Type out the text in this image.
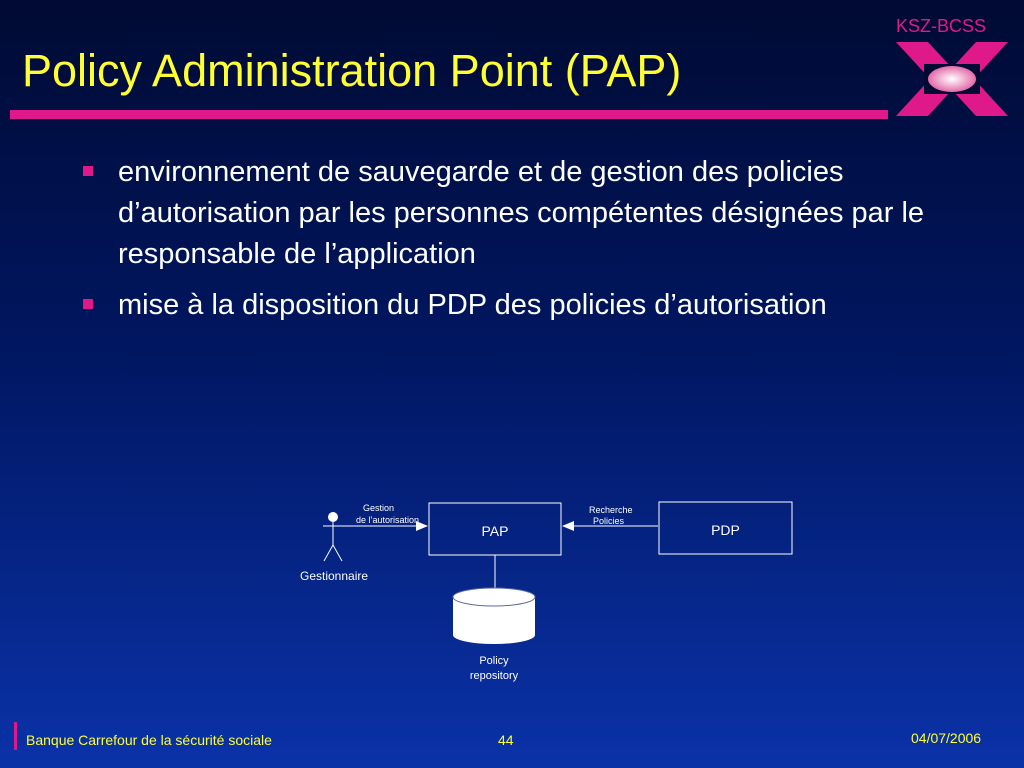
Policy Administration Point (PAP)
KSZ-BCSS
environnement de sauvegarde et de gestion des policies d’autorisation par les personnes compétentes désignées par le responsable de l’application
mise à la disposition du PDP des policies d’autorisation
Gestionnaire
Gestion
de l’autorisation
PAP	PDP
Recherche
Policies
Policy
repository
Banque Carrefour de la sécurité sociale	44	04/07/2006
